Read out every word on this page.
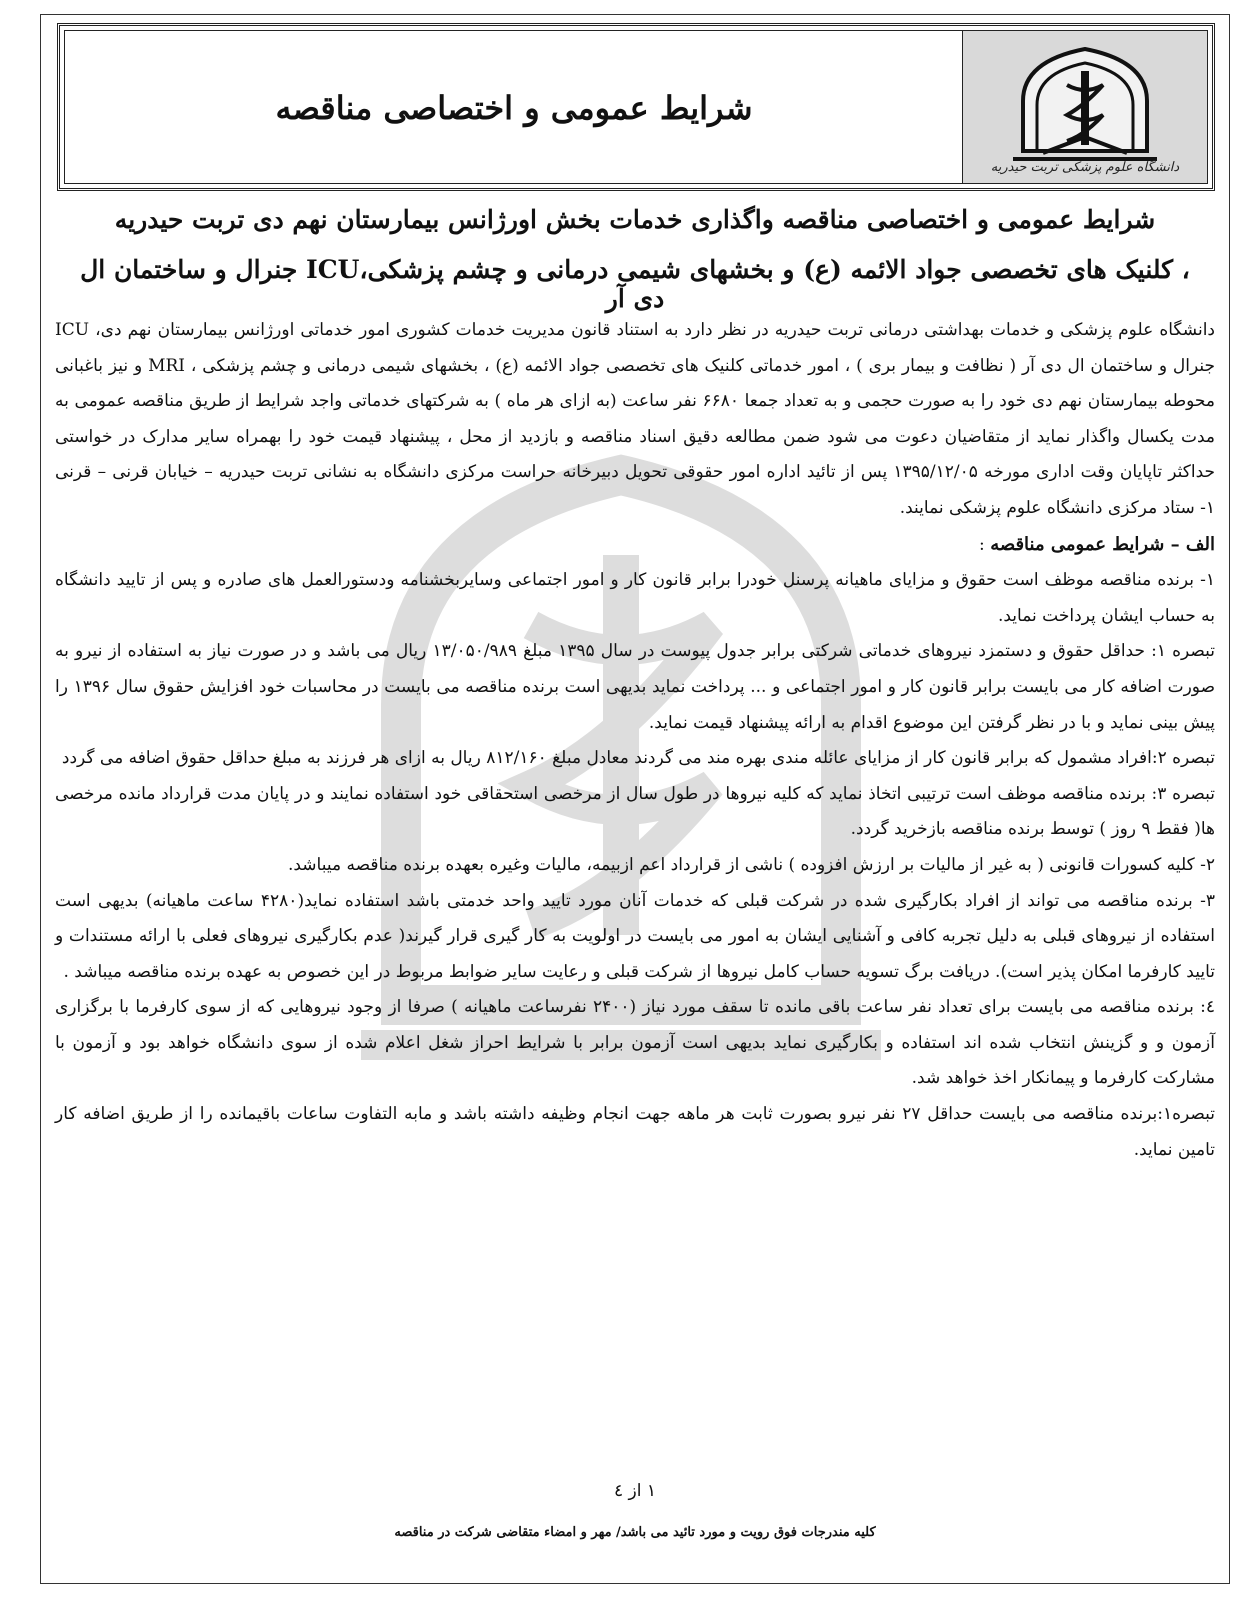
شرایط عمومی و اختصاصی مناقصه
دانشگاه علوم پزشکی تربت حیدریه
شرایط عمومی و اختصاصی مناقصه واگذاری خدمات بخش اورژانس بیمارستان نهم دی تربت حیدریه
، کلنیک های تخصصی جواد الائمه (ع) و بخشهای شیمی درمانی و چشم پزشکی،ICU جنرال و ساختمان ال دی آر

دانشگاه علوم پزشکی و خدمات بهداشتی درمانی تربت حیدریه در نظر دارد به استناد قانون مدیریت خدمات کشوری امور خدماتی اورژانس بیمارستان نهم دی، ICU جنرال و ساختمان ال دی آر ( نظافت و بیمار بری ) ، امور خدماتی کلنیک های تخصصی جواد الائمه (ع) ، بخشهای شیمی درمانی و چشم پزشکی ، MRI و نیز باغبانی محوطه بیمارستان نهم دی خود را به صورت حجمی و به تعداد جمعا ۶۶۸۰ نفر ساعت (به ازای هر ماه ) به شرکتهای خدماتی واجد شرایط از طریق مناقصه عمومی به مدت یکسال واگذار نماید از متقاضیان دعوت می شود ضمن مطالعه دقیق اسناد مناقصه و بازدید از محل ، پیشنهاد قیمت خود را بهمراه سایر مدارک در خواستی حداکثر تاپایان وقت اداری مورخه ۱۳۹۵/۱۲/۰۵ پس از تائید اداره امور حقوقی تحویل دبیرخانه حراست مرکزی دانشگاه به نشانی تربت حیدریه – خیابان قرنی – قرنی ۱- ستاد مرکزی دانشگاه علوم پزشکی نمایند.

الف – شرایط عمومی مناقصه :

۱- برنده مناقصه موظف است حقوق و مزایای ماهیانه پرسنل خودرا برابر قانون کار و امور اجتماعی وسایربخشنامه ودستورالعمل های صادره و پس از تایید دانشگاه به حساب ایشان پرداخت نماید.

تبصره ۱: حداقل حقوق و دستمزد نیروهای خدماتی شرکتی برابر جدول پیوست در سال ۱۳۹۵ مبلغ ۱۳/۰۵۰/۹۸۹ ریال می باشد و در صورت نیاز به استفاده از نیرو به صورت اضافه کار می بایست برابر قانون کار و امور اجتماعی و ... پرداخت نماید بدیهی است برنده مناقصه می بایست در محاسبات خود افزایش حقوق سال ۱۳۹۶ را پیش بینی نماید و با در نظر گرفتن این موضوع اقدام به ارائه پیشنهاد قیمت نماید.

تبصره ۲:افراد مشمول که برابر قانون کار از مزایای عائله مندی بهره مند می گردند معادل مبلغ ۸۱۲/۱۶۰ ریال به ازای هر فرزند به مبلغ حداقل حقوق اضافه می گردد

تبصره ۳: برنده مناقصه موظف است ترتیبی اتخاذ نماید که کلیه نیروها در طول سال از مرخصی استحقاقی خود استفاده نمایند و در پایان مدت قرارداد مانده مرخصی ها( فقط ۹ روز ) توسط برنده مناقصه بازخرید گردد.

۲- کلیه کسورات قانونی ( به غیر از مالیات بر ارزش افزوده ) ناشی از قرارداد اعم ازبیمه، مالیات وغیره بعهده برنده مناقصه میباشد.

۳- برنده مناقصه می تواند از افراد بکارگیری شده در شرکت قبلی که خدمات آنان مورد تایید واحد خدمتی باشد استفاده نماید(۴۲۸۰ ساعت ماهیانه) بدیهی است استفاده از نیروهای قبلی به دلیل تجربه کافی و آشنایی ایشان به امور می بایست در اولویت به کار گیری قرار گیرند( عدم بکارگیری نیروهای فعلی با ارائه مستندات و تایید کارفرما امکان پذیر است). دریافت برگ تسویه حساب کامل نیروها از شرکت قبلی و رعایت سایر ضوابط مربوط در این خصوص به عهده برنده مناقصه میباشد .

٤: برنده مناقصه می بایست برای تعداد نفر ساعت باقی مانده تا سقف مورد نیاز (۲۴۰۰ نفرساعت ماهیانه ) صرفا از وجود نیروهایی که از سوی کارفرما با برگزاری آزمون و و گزینش انتخاب شده اند استفاده و بکارگیری نماید بدیهی است آزمون برابر با شرایط احراز شغل اعلام شده از سوی دانشگاه خواهد بود و آزمون با مشارکت کارفرما و پیمانکار اخذ خواهد شد.

تبصره۱:برنده مناقصه می بایست حداقل ۲۷ نفر نیرو بصورت ثابت هر ماهه جهت انجام وظیفه داشته باشد و مابه التفاوت ساعات باقیمانده را از طریق اضافه کار تامین نماید.

۱ از ٤
کلیه مندرجات فوق رویت و مورد تائید می باشد/ مهر و امضاء متقاضی شرکت در مناقصه
